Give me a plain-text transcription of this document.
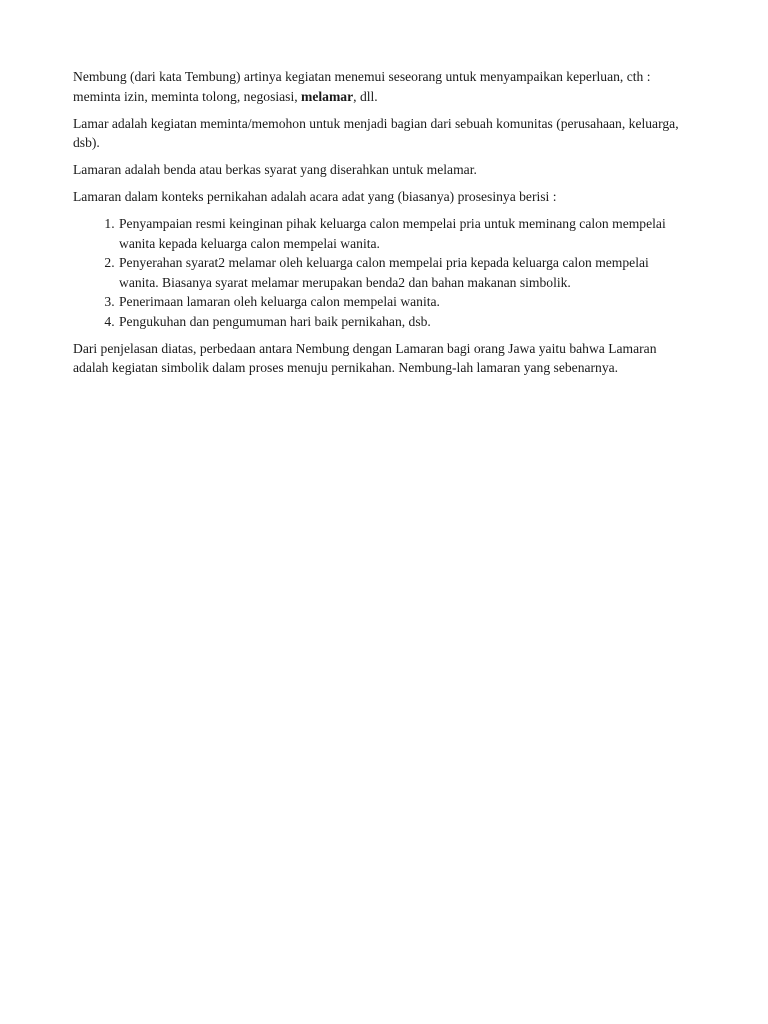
Nembung (dari kata Tembung) artinya kegiatan menemui seseorang untuk menyampaikan keperluan, cth : meminta izin, meminta tolong, negosiasi, melamar, dll.

Lamar adalah kegiatan meminta/memohon untuk menjadi bagian dari sebuah komunitas (perusahaan, keluarga, dsb).

Lamaran adalah benda atau berkas syarat yang diserahkan untuk melamar.

Lamaran dalam konteks pernikahan adalah acara adat yang (biasanya) prosesinya berisi :

1. Penyampaian resmi keinginan pihak keluarga calon mempelai pria untuk meminang calon mempelai wanita kepada keluarga calon mempelai wanita.
2. Penyerahan syarat2 melamar oleh keluarga calon mempelai pria kepada keluarga calon mempelai wanita. Biasanya syarat melamar merupakan benda2 dan bahan makanan simbolik.
3. Penerimaan lamaran oleh keluarga calon mempelai wanita.
4. Pengukuhan dan pengumuman hari baik pernikahan, dsb.

Dari penjelasan diatas, perbedaan antara Nembung dengan Lamaran bagi orang Jawa yaitu bahwa Lamaran adalah kegiatan simbolik dalam proses menuju pernikahan. Nembung-lah lamaran yang sebenarnya.
